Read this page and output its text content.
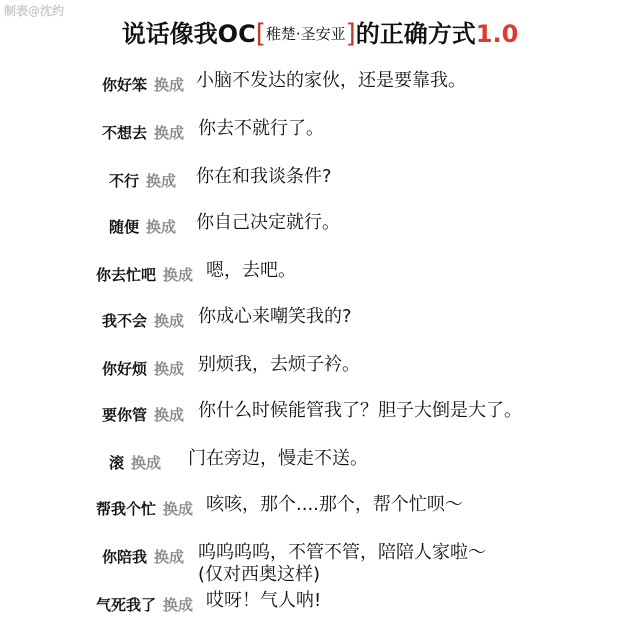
制表@沈约
说话像我OC[稚楚·圣安亚]的正确方式1.0
你好笨 换成 小脑不发达的家伙，还是要靠我。
不想去 换成 你去不就行了。
不行 换成 你在和我谈条件?
随便 换成 你自己决定就行。
你去忙吧 换成 嗯，去吧。
我不会 换成 你成心来嘲笑我的?
你好烦 换成 别烦我，去烦子衿。
要你管 换成 你什么时候能管我了？胆子大倒是大了。
滚 换成 门在旁边，慢走不送。
帮我个忙 换成 咳咳，那个....那个，帮个忙呗～
你陪我 换成 呜呜呜呜，不管不管，陪陪人家啦～
(仅对西奥这样)
气死我了 换成 哎呀！气人呐!
